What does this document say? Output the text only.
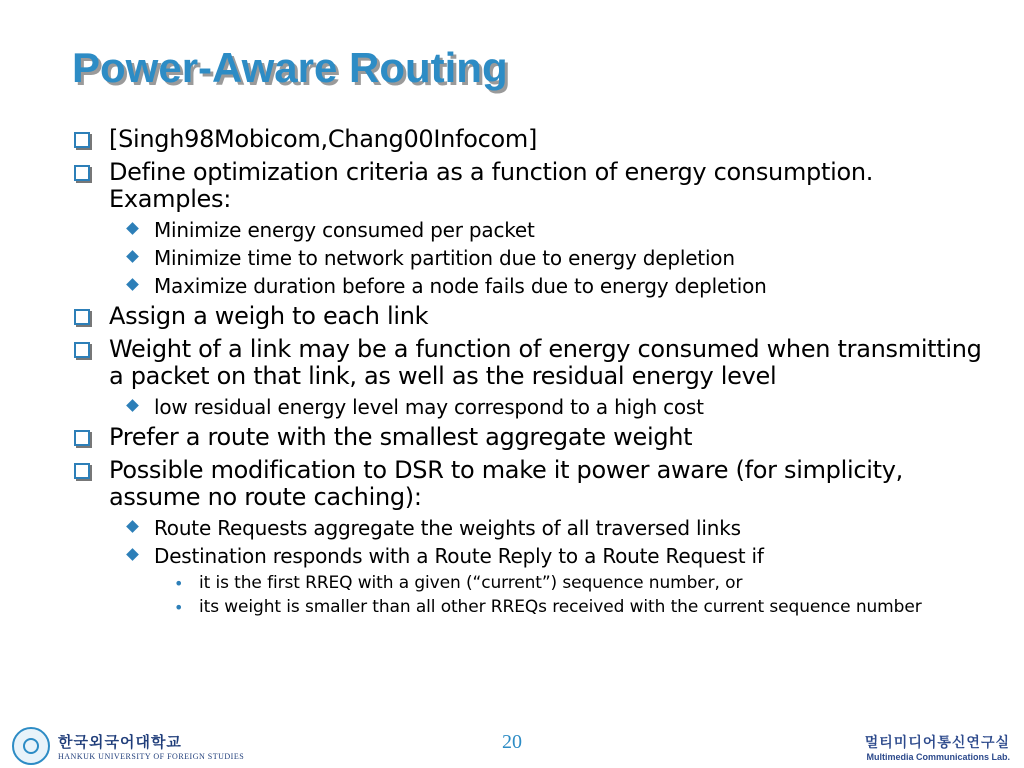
Power-Aware Routing
[Singh98Mobicom,Chang00Infocom]
Define optimization criteria as a function of energy consumption. Examples:
Minimize energy consumed per packet
Minimize time to network partition due to energy depletion
Maximize duration before a node fails due to energy depletion
Assign a weigh to each link
Weight of a link may be a function of energy consumed when transmitting a packet on that link, as well as the residual energy level
low residual energy level may correspond to a high cost
Prefer a route with the smallest aggregate weight
Possible modification to DSR to make it power aware (for simplicity, assume no route caching):
Route Requests aggregate the weights of all traversed links
Destination responds with a Route Reply to a Route Request if
• it is the first RREQ with a given (“current”) sequence number, or
• its weight is smaller than all other RREQs received with the current sequence number
한국외국어대학교
HANKUK UNIVERSITY OF FOREIGN STUDIES
20	멀티미디어통신연구실
Multimedia Communications Lab.
